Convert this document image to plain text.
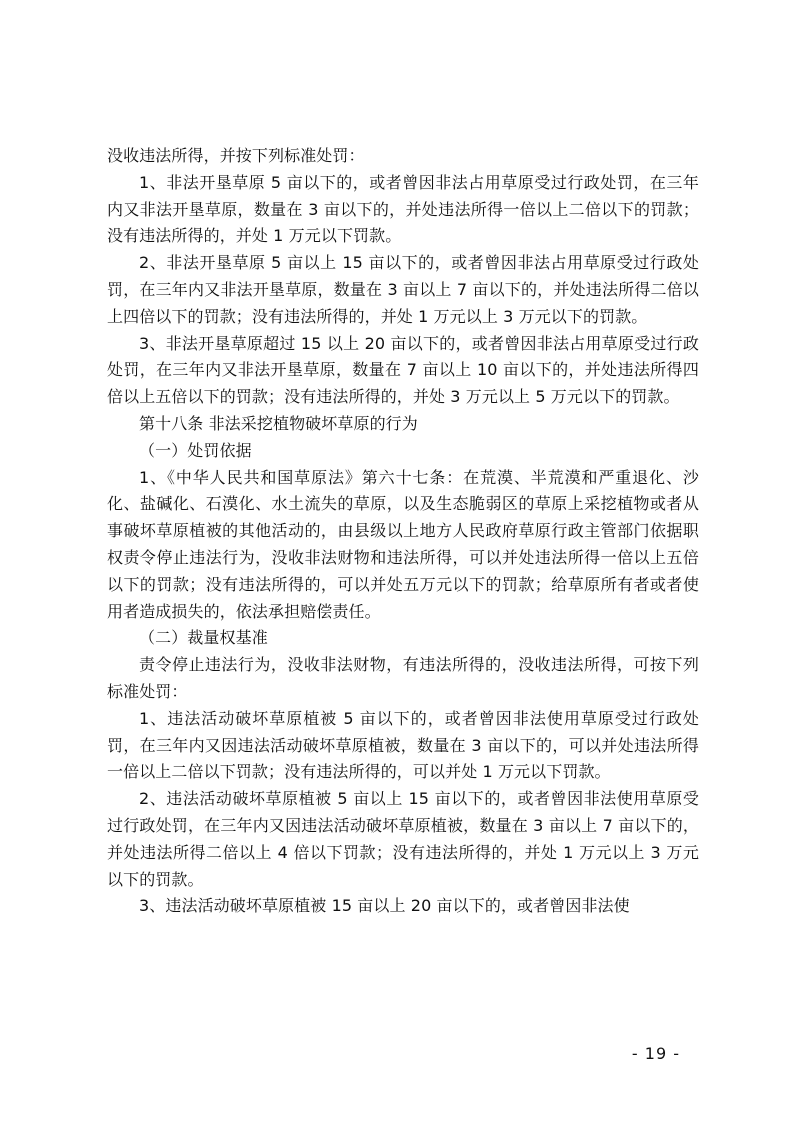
没收违法所得，并按下列标准处罚：

1、非法开垦草原 5 亩以下的，或者曾因非法占用草原受过行政处罚，在三年内又非法开垦草原，数量在 3 亩以下的，并处违法所得一倍以上二倍以下的罚款；没有违法所得的，并处 1 万元以下罚款。

2、非法开垦草原 5 亩以上 15 亩以下的，或者曾因非法占用草原受过行政处罚，在三年内又非法开垦草原，数量在 3 亩以上 7 亩以下的，并处违法所得二倍以上四倍以下的罚款；没有违法所得的，并处 1 万元以上 3 万元以下的罚款。

3、非法开垦草原超过 15 以上 20 亩以下的，或者曾因非法占用草原受过行政处罚，在三年内又非法开垦草原，数量在 7 亩以上 10 亩以下的，并处违法所得四倍以上五倍以下的罚款；没有违法所得的，并处 3 万元以上 5 万元以下的罚款。

第十八条 非法采挖植物破坏草原的行为

（一）处罚依据

1、《中华人民共和国草原法》第六十七条：在荒漠、半荒漠和严重退化、沙化、盐碱化、石漠化、水土流失的草原，以及生态脆弱区的草原上采挖植物或者从事破坏草原植被的其他活动的，由县级以上地方人民政府草原行政主管部门依据职权责令停止违法行为，没收非法财物和违法所得，可以并处违法所得一倍以上五倍以下的罚款；没有违法所得的，可以并处五万元以下的罚款；给草原所有者或者使用者造成损失的，依法承担赔偿责任。

（二）裁量权基准

责令停止违法行为，没收非法财物，有违法所得的，没收违法所得，可按下列标准处罚：

1、违法活动破坏草原植被 5 亩以下的，或者曾因非法使用草原受过行政处罚，在三年内又因违法活动破坏草原植被，数量在 3 亩以下的，可以并处违法所得一倍以上二倍以下罚款；没有违法所得的，可以并处 1 万元以下罚款。

2、违法活动破坏草原植被 5 亩以上 15 亩以下的，或者曾因非法使用草原受过行政处罚，在三年内又因违法活动破坏草原植被，数量在 3 亩以上 7 亩以下的，并处违法所得二倍以上 4 倍以下罚款；没有违法所得的，并处 1 万元以上 3 万元以下的罚款。

3、违法活动破坏草原植被 15 亩以上 20 亩以下的，或者曾因非法使

- 19 -
